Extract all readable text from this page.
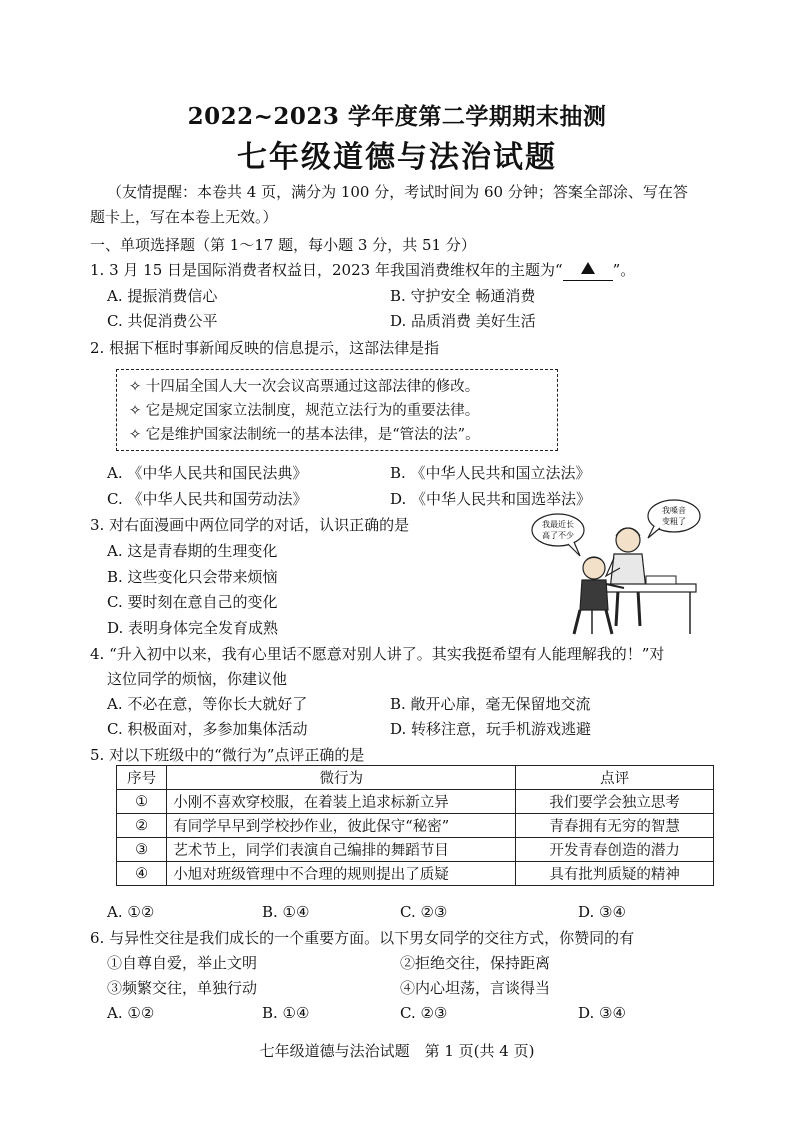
2022~2023 学年度第二学期期末抽测
七年级道德与法治试题
（友情提醒：本卷共 4 页，满分为 100 分，考试时间为 60 分钟；答案全部涂、写在答
题卡上，写在本卷上无效。）
一、单项选择题（第 1～17 题，每小题 3 分，共 51 分）
1. 3 月 15 日是国际消费者权益日，2023 年我国消费维权年的主题为“	”。
A. 提振消费信心	B. 守护安全 畅通消费
C. 共促消费公平	D. 品质消费 美好生活
2. 根据下框时事新闻反映的信息提示，这部法律是指
✧ 十四届全国人大一次会议高票通过这部法律的修改。
✧ 它是规定国家立法制度，规范立法行为的重要法律。
✧ 它是维护国家法制统一的基本法律，是“管法的法”。
A. 《中华人民共和国民法典》	B. 《中华人民共和国立法法》
C. 《中华人民共和国劳动法》	D. 《中华人民共和国选举法》
3. 对右面漫画中两位同学的对话，认识正确的是
A. 这是青春期的生理变化
B. 这些变化只会带来烦恼
C. 要时刻在意自己的变化
D. 表明身体完全发育成熟
我最近长
高了不少
我嗓音
变粗了
4. “升入初中以来，我有心里话不愿意对别人讲了。其实我挺希望有人能理解我的！”对
这位同学的烦恼，你建议他
A. 不必在意，等你长大就好了	B. 敞开心扉，毫无保留地交流
C. 积极面对，多参加集体活动	D. 转移注意，玩手机游戏逃避
5. 对以下班级中的“微行为”点评正确的是
序号	微行为	点评
①	小刚不喜欢穿校服，在着装上追求标新立异	我们要学会独立思考
②	有同学早早到学校抄作业，彼此保守“秘密”	青春拥有无穷的智慧
③	艺术节上，同学们表演自己编排的舞蹈节目	开发青春创造的潜力
④	小旭对班级管理中不合理的规则提出了质疑	具有批判质疑的精神
A. ①②	B. ①④	C. ②③	D. ③④
6. 与异性交往是我们成长的一个重要方面。以下男女同学的交往方式，你赞同的有
①自尊自爱，举止文明	②拒绝交往，保持距离
③频繁交往，单独行动	④内心坦荡，言谈得当
A. ①②	B. ①④	C. ②③	D. ③④
七年级道德与法治试题　第 1 页(共 4 页)
